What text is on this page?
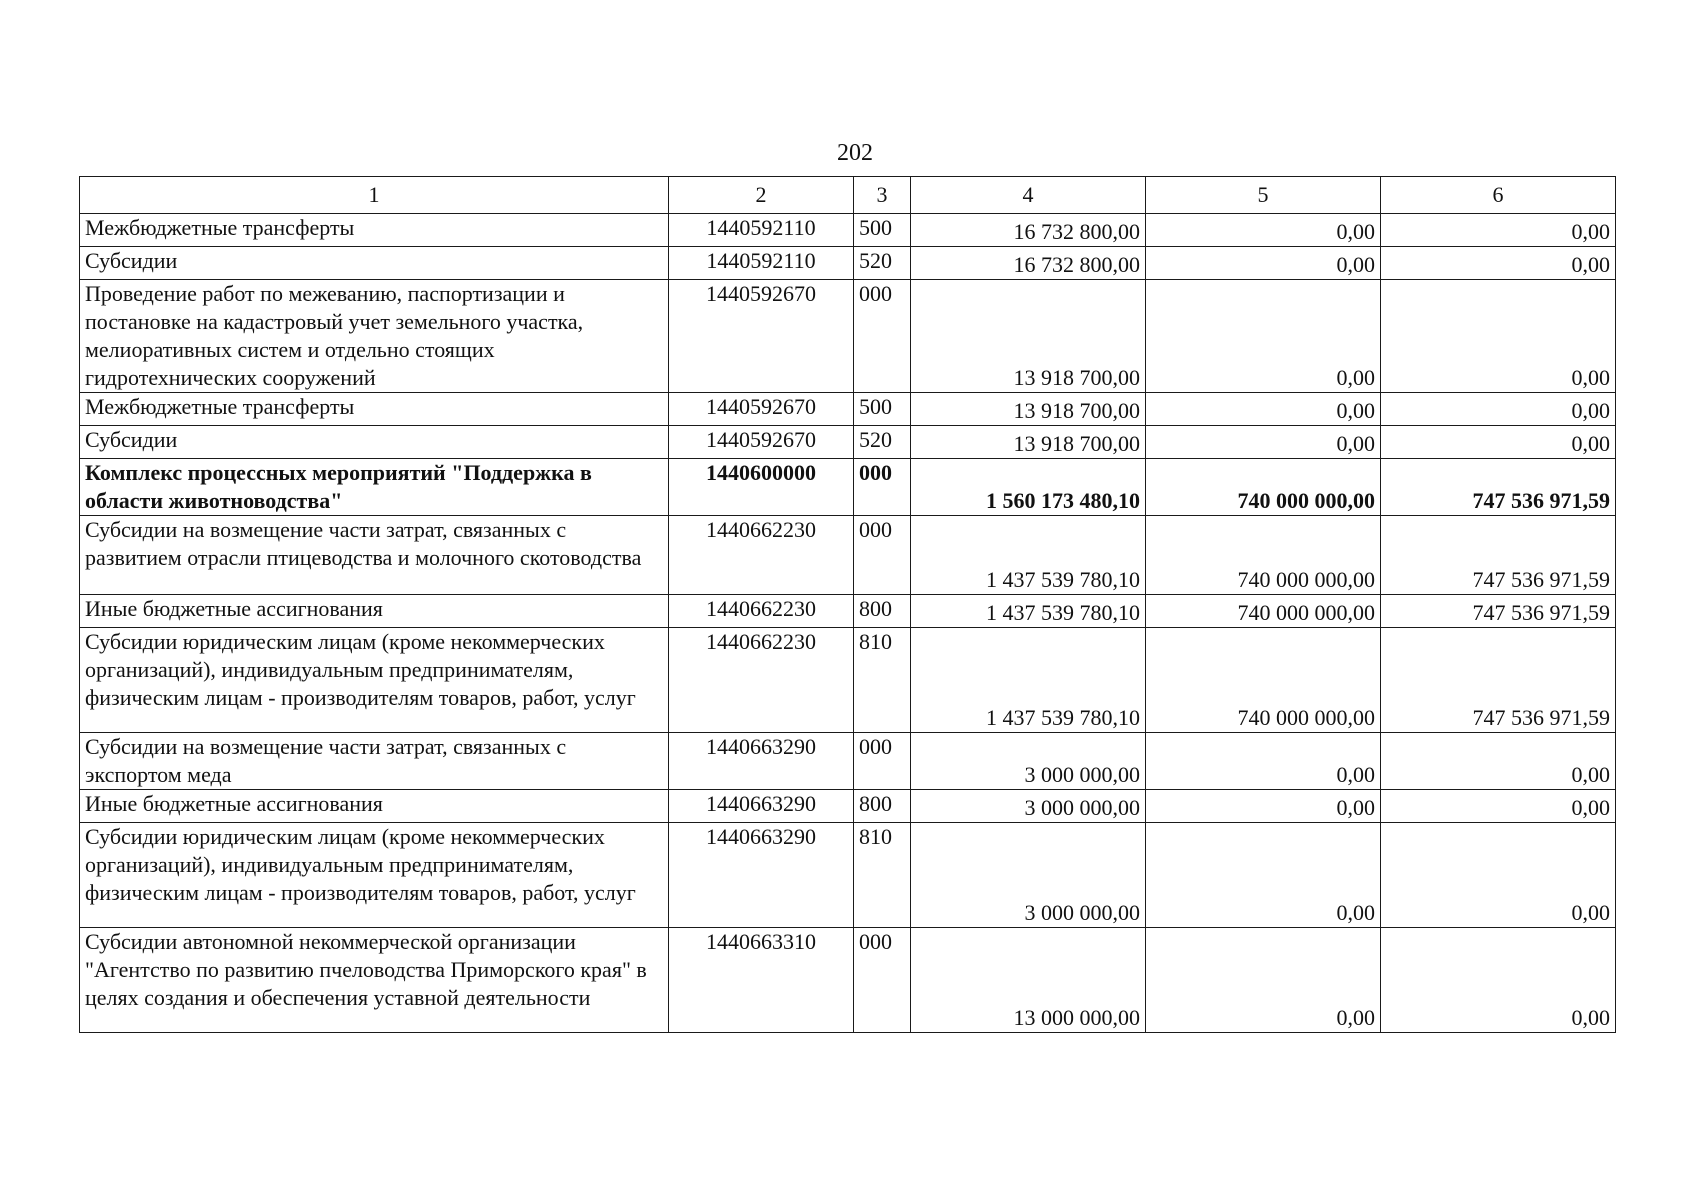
202
1	2	3	4	5	6
Межбюджетные трансферты	1440592110	500	16 732 800,00	0,00	0,00
Субсидии	1440592110	520	16 732 800,00	0,00	0,00
Проведение работ по межеванию, паспортизации и постановке на кадастровый учет земельного участка, мелиоративных систем и отдельно стоящих гидротехнических сооружений	1440592670	000	13 918 700,00	0,00	0,00
Межбюджетные трансферты	1440592670	500	13 918 700,00	0,00	0,00
Субсидии	1440592670	520	13 918 700,00	0,00	0,00
Комплекс процессных мероприятий "Поддержка в области животноводства"	1440600000	000	1 560 173 480,10	740 000 000,00	747 536 971,59
Субсидии на возмещение части затрат, связанных с развитием отрасли птицеводства и молочного скотоводства	1440662230	000	1 437 539 780,10	740 000 000,00	747 536 971,59
Иные бюджетные ассигнования	1440662230	800	1 437 539 780,10	740 000 000,00	747 536 971,59
Субсидии юридическим лицам (кроме некоммерческих организаций), индивидуальным предпринимателям, физическим лицам - производителям товаров, работ, услуг	1440662230	810	1 437 539 780,10	740 000 000,00	747 536 971,59
Субсидии на возмещение части затрат, связанных с экспортом меда	1440663290	000	3 000 000,00	0,00	0,00
Иные бюджетные ассигнования	1440663290	800	3 000 000,00	0,00	0,00
Субсидии юридическим лицам (кроме некоммерческих организаций), индивидуальным предпринимателям, физическим лицам - производителям товаров, работ, услуг	1440663290	810	3 000 000,00	0,00	0,00
Субсидии автономной некоммерческой организации "Агентство по развитию пчеловодства Приморского края" в целях создания и обеспечения уставной деятельности	1440663310	000	13 000 000,00	0,00	0,00
